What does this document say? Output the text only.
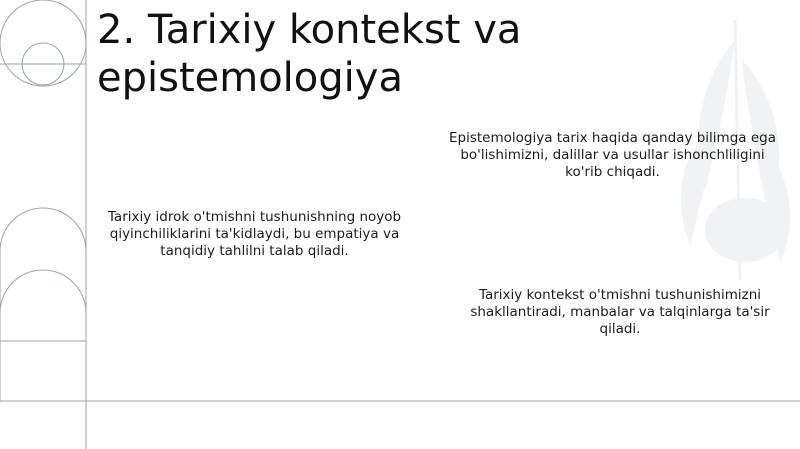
2. Tarixiy kontekst va epistemologiya

Epistemologiya tarix haqida qanday bilimga ega bo'lishimizni, dalillar va usullar ishonchliligini ko'rib chiqadi.

Tarixiy idrok o'tmishni tushunishning noyob qiyinchiliklarini ta'kidlaydi, bu empatiya va tanqidiy tahlilni talab qiladi.

Tarixiy kontekst o'tmishni tushunishimizni shakllantiradi, manbalar va talqinlarga ta'sir qiladi.
